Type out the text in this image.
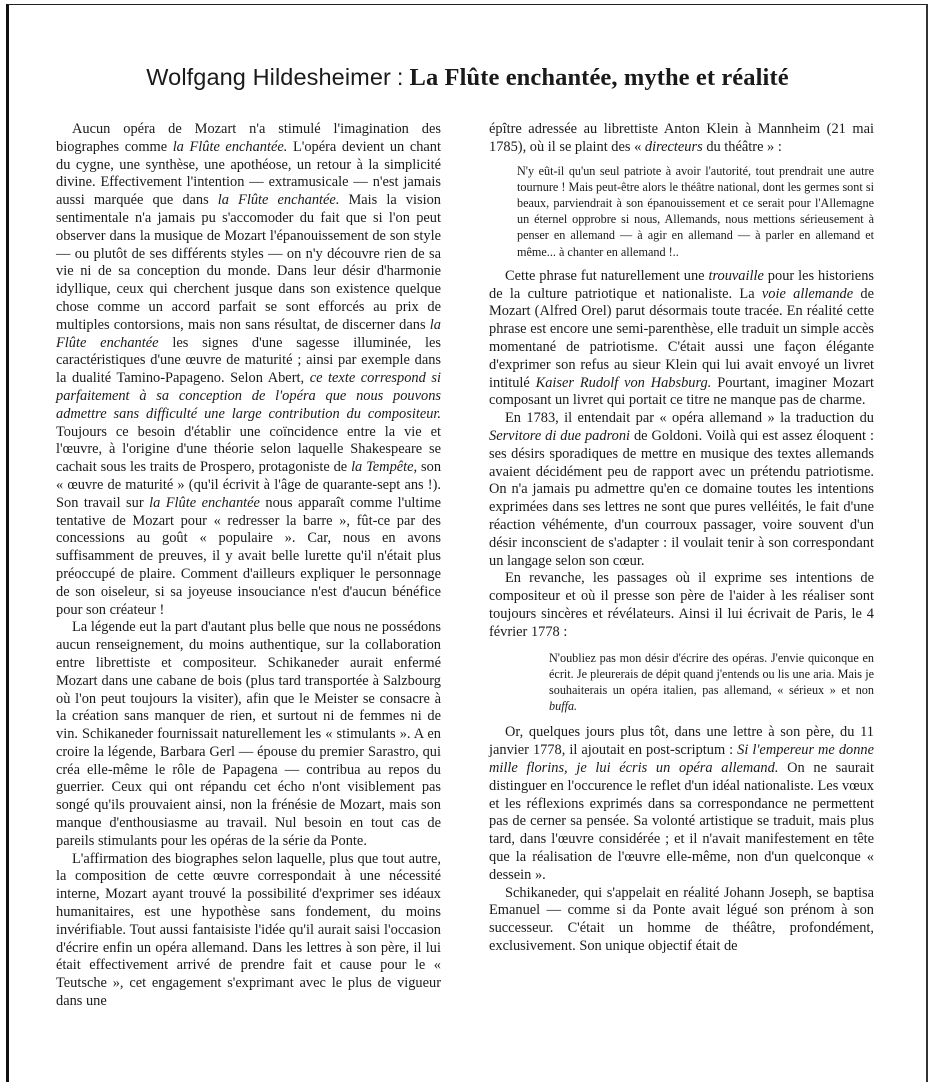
Wolfgang Hildesheimer : La Flûte enchantée, mythe et réalité

Aucun opéra de Mozart n'a stimulé l'imagination des biographes comme la Flûte enchantée. L'opéra devient un chant du cygne, une synthèse, une apothéose, un retour à la simplicité divine. Effectivement l'intention — extramusicale — n'est jamais aussi marquée que dans la Flûte enchantée. Mais la vision sentimentale n'a jamais pu s'accomoder du fait que si l'on peut observer dans la musique de Mozart l'épanouissement de son style — ou plutôt de ses différents styles — on n'y découvre rien de sa vie ni de sa conception du monde. Dans leur désir d'harmonie idyllique, ceux qui cherchent jusque dans son existence quelque chose comme un accord parfait se sont efforcés au prix de multiples contorsions, mais non sans résultat, de discerner dans la Flûte enchantée les signes d'une sagesse illuminée, les caractéristiques d'une œuvre de maturité ; ainsi par exemple dans la dualité Tamino-Papageno. Selon Abert, ce texte correspond si parfaitement à sa conception de l'opéra que nous pouvons admettre sans difficulté une large contribution du compositeur. Toujours ce besoin d'établir une coïncidence entre la vie et l'œuvre, à l'origine d'une théorie selon laquelle Shakespeare se cachait sous les traits de Prospero, protagoniste de la Tempête, son « œuvre de maturité » (qu'il écrivit à l'âge de quarante-sept ans !). Son travail sur la Flûte enchantée nous apparaît comme l'ultime tentative de Mozart pour « redresser la barre », fût-ce par des concessions au goût « populaire ». Car, nous en avons suffisamment de preuves, il y avait belle lurette qu'il n'était plus préoccupé de plaire. Comment d'ailleurs expliquer le personnage de son oiseleur, si sa joyeuse insouciance n'est d'aucun bénéfice pour son créateur !

La légende eut la part d'autant plus belle que nous ne possédons aucun renseignement, du moins authentique, sur la collaboration entre librettiste et compositeur. Schikaneder aurait enfermé Mozart dans une cabane de bois (plus tard transportée à Salzbourg où l'on peut toujours la visiter), afin que le Meister se consacre à la création sans manquer de rien, et surtout ni de femmes ni de vin. Schikaneder fournissait naturellement les « stimulants ». A en croire la légende, Barbara Gerl — épouse du premier Sarastro, qui créa elle-même le rôle de Papagena — contribua au repos du guerrier. Ceux qui ont répandu cet écho n'ont visiblement pas songé qu'ils prouvaient ainsi, non la frénésie de Mozart, mais son manque d'enthousiasme au travail. Nul besoin en tout cas de pareils stimulants pour les opéras de la série da Ponte.

L'affirmation des biographes selon laquelle, plus que tout autre, la composition de cette œuvre correspondait à une nécessité interne, Mozart ayant trouvé la possibilité d'exprimer ses idéaux humanitaires, est une hypothèse sans fondement, du moins invérifiable. Tout aussi fantaisiste l'idée qu'il aurait saisi l'occasion d'écrire enfin un opéra allemand. Dans les lettres à son père, il lui était effectivement arrivé de prendre fait et cause pour le « Teutsche », cet engagement s'exprimant avec le plus de vigueur dans une

épître adressée au librettiste Anton Klein à Mannheim (21 mai 1785), où il se plaint des « directeurs du théâtre » :

N'y eût-il qu'un seul patriote à avoir l'autorité, tout prendrait une autre tournure ! Mais peut-être alors le théâtre national, dont les germes sont si beaux, parviendrait à son épanouissement et ce serait pour l'Allemagne un éternel opprobre si nous, Allemands, nous mettions sérieusement à penser en allemand — à agir en allemand — à parler en allemand et même... à chanter en allemand !..

Cette phrase fut naturellement une trouvaille pour les historiens de la culture patriotique et nationaliste. La voie allemande de Mozart (Alfred Orel) parut désormais toute tracée. En réalité cette phrase est encore une semi-parenthèse, elle traduit un simple accès momentané de patriotisme. C'était aussi une façon élégante d'exprimer son refus au sieur Klein qui lui avait envoyé un livret intitulé Kaiser Rudolf von Habsburg. Pourtant, imaginer Mozart composant un livret qui portait ce titre ne manque pas de charme.

En 1783, il entendait par « opéra allemand » la traduction du Servitore di due padroni de Goldoni. Voilà qui est assez éloquent : ses désirs sporadiques de mettre en musique des textes allemands avaient décidément peu de rapport avec un prétendu patriotisme. On n'a jamais pu admettre qu'en ce domaine toutes les intentions exprimées dans ses lettres ne sont que pures velléités, le fait d'une réaction véhémente, d'un courroux passager, voire souvent d'un désir inconscient de s'adapter : il voulait tenir à son correspondant un langage selon son cœur.

En revanche, les passages où il exprime ses intentions de compositeur et où il presse son père de l'aider à les réaliser sont toujours sincères et révélateurs. Ainsi il lui écrivait de Paris, le 4 février 1778 :

N'oubliez pas mon désir d'écrire des opéras. J'envie quiconque en écrit. Je pleurerais de dépit quand j'entends ou lis une aria. Mais je souhaiterais un opéra italien, pas allemand, « sérieux » et non buffa.

Or, quelques jours plus tôt, dans une lettre à son père, du 11 janvier 1778, il ajoutait en post-scriptum : Si l'empereur me donne mille florins, je lui écris un opéra allemand. On ne saurait distinguer en l'occurence le reflet d'un idéal nationaliste. Les vœux et les réflexions exprimés dans sa correspondance ne permettent pas de cerner sa pensée. Sa volonté artistique se traduit, mais plus tard, dans l'œuvre considérée ; et il n'avait manifestement en tête que la réalisation de l'œuvre elle-même, non d'un quelconque « dessein ».

Schikaneder, qui s'appelait en réalité Johann Joseph, se baptisa Emanuel — comme si da Ponte avait légué son prénom à son successeur. C'était un homme de théâtre, profondément, exclusivement. Son unique objectif était de
